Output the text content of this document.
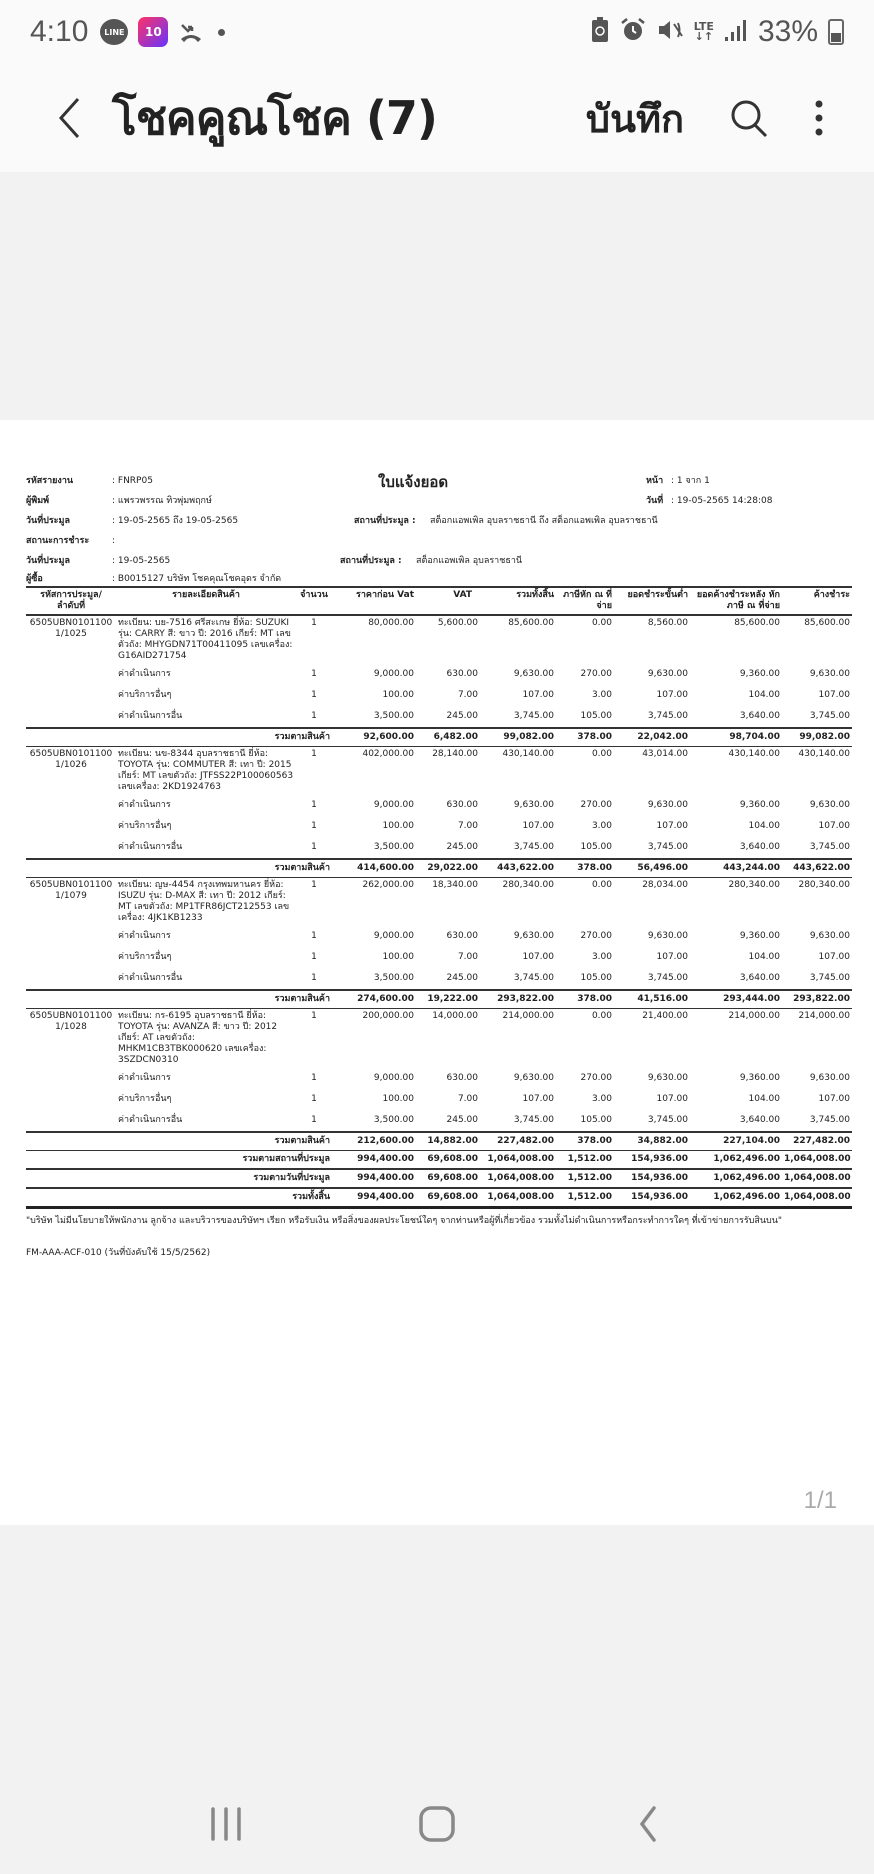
4:10	LINE	10	LTE
↓↑ 33%
โชคคูณโชค (7)	บันทึก
รหัสรายงาน	: FNRP05	ใบแจ้งยอด	หน้า : 1 จาก 1
วันที่ : 19-05-2565 14:28:08
ผู้พิมพ์	: แพรวพรรณ ทิวพุ่มพฤกษ์
วันที่ประมูล	: 19-05-2565 ถึง 19-05-2565	สถานที่ประมูล : สต็อกแอพเพิล อุบลราชธานี ถึง สต็อกแอพเพิล อุบลราชธานี
สถานะการชำระ	:
วันที่ประมูล	: 19-05-2565	สถานที่ประมูล : สต็อกแอพเพิล อุบลราชธานี
ผู้ซื้อ	: B0015127 บริษัท โชคคุณโชคอุดร จำกัด
รหัสการประมูล/ ลำดับที่	รายละเอียดสินค้า	จำนวน	ราคาก่อน Vat	VAT	รวมทั้งสิ้น	ภาษีหัก ณ ที่จ่าย	ยอดชำระขั้นต่ำ	ยอดค้างชำระหลัง หักภาษี ณ ที่จ่าย	ค้างชำระ

6505UBN0101100
1/1025	ทะเบียน: บย-7516 ศรีสะเกษ ยี่ห้อ: SUZUKI รุ่น: CARRY สี: ขาว ปี: 2016 เกียร์: MT เลขตัวถัง: MHYGDN71T00411095 เลขเครื่อง: G16AID271754	1	80,000.00	5,600.00	85,600.00	0.00	8,560.00	85,600.00	85,600.00
	ค่าดำเนินการ	1	9,000.00	630.00	9,630.00	270.00	9,630.00	9,360.00	9,630.00
	ค่าบริการอื่นๆ	1	100.00	7.00	107.00	3.00	107.00	104.00	107.00
	ค่าดำเนินการอื่น	1	3,500.00	245.00	3,745.00	105.00	3,745.00	3,640.00	3,745.00
รวมตามสินค้า			92,600.00	6,482.00	99,082.00	378.00	22,042.00	98,704.00	99,082.00

6505UBN0101100
1/1026	ทะเบียน: นข-8344 อุบลราชธานี ยี่ห้อ: TOYOTA รุ่น: COMMUTER สี: เทา ปี: 2015 เกียร์: MT เลขตัวถัง: JTFSS22P100060563 เลขเครื่อง: 2KD1924763	1	402,000.00	28,140.00	430,140.00	0.00	43,014.00	430,140.00	430,140.00
	ค่าดำเนินการ	1	9,000.00	630.00	9,630.00	270.00	9,630.00	9,360.00	9,630.00
	ค่าบริการอื่นๆ	1	100.00	7.00	107.00	3.00	107.00	104.00	107.00
	ค่าดำเนินการอื่น	1	3,500.00	245.00	3,745.00	105.00	3,745.00	3,640.00	3,745.00
รวมตามสินค้า			414,600.00	29,022.00	443,622.00	378.00	56,496.00	443,244.00	443,622.00

6505UBN0101100
1/1079	ทะเบียน: ญษ-4454 กรุงเทพมหานคร ยี่ห้อ: ISUZU รุ่น: D-MAX สี: เทา ปี: 2012 เกียร์: MT เลขตัวถัง: MP1TFR86JCT212553 เลขเครื่อง: 4JK1KB1233	1	262,000.00	18,340.00	280,340.00	0.00	28,034.00	280,340.00	280,340.00
	ค่าดำเนินการ	1	9,000.00	630.00	9,630.00	270.00	9,630.00	9,360.00	9,630.00
	ค่าบริการอื่นๆ	1	100.00	7.00	107.00	3.00	107.00	104.00	107.00
	ค่าดำเนินการอื่น	1	3,500.00	245.00	3,745.00	105.00	3,745.00	3,640.00	3,745.00
รวมตามสินค้า			274,600.00	19,222.00	293,822.00	378.00	41,516.00	293,444.00	293,822.00

6505UBN0101100
1/1028	ทะเบียน: กร-6195 อุบลราชธานี ยี่ห้อ: TOYOTA รุ่น: AVANZA สี: ขาว ปี: 2012 เกียร์: AT เลขตัวถัง: MHKM1CB3TBK000620 เลขเครื่อง: 3SZDCN0310	1	200,000.00	14,000.00	214,000.00	0.00	21,400.00	214,000.00	214,000.00
	ค่าดำเนินการ	1	9,000.00	630.00	9,630.00	270.00	9,630.00	9,360.00	9,630.00
	ค่าบริการอื่นๆ	1	100.00	7.00	107.00	3.00	107.00	104.00	107.00
	ค่าดำเนินการอื่น	1	3,500.00	245.00	3,745.00	105.00	3,745.00	3,640.00	3,745.00
รวมตามสินค้า			212,600.00	14,882.00	227,482.00	378.00	34,882.00	227,104.00	227,482.00
รวมตามสถานที่ประมูล			994,400.00	69,608.00	1,064,008.00	1,512.00	154,936.00	1,062,496.00	1,064,008.00
รวมตามวันที่ประมูล			994,400.00	69,608.00	1,064,008.00	1,512.00	154,936.00	1,062,496.00	1,064,008.00
รวมทั้งสิ้น			994,400.00	69,608.00	1,064,008.00	1,512.00	154,936.00	1,062,496.00	1,064,008.00
"บริษัท ไม่มีนโยบายให้พนักงาน ลูกจ้าง และบริวารของบริษัทฯ เรียก หรือรับเงิน หรือสิ่งของผลประโยชน์ใดๆ จากท่านหรือผู้ที่เกี่ยวข้อง รวมทั้งไม่ดำเนินการหรือกระทำการใดๆ ที่เข้าข่ายการรับสินบน"
FM-AAA-ACF-010 (วันที่บังคับใช้ 15/5/2562)
1/1
